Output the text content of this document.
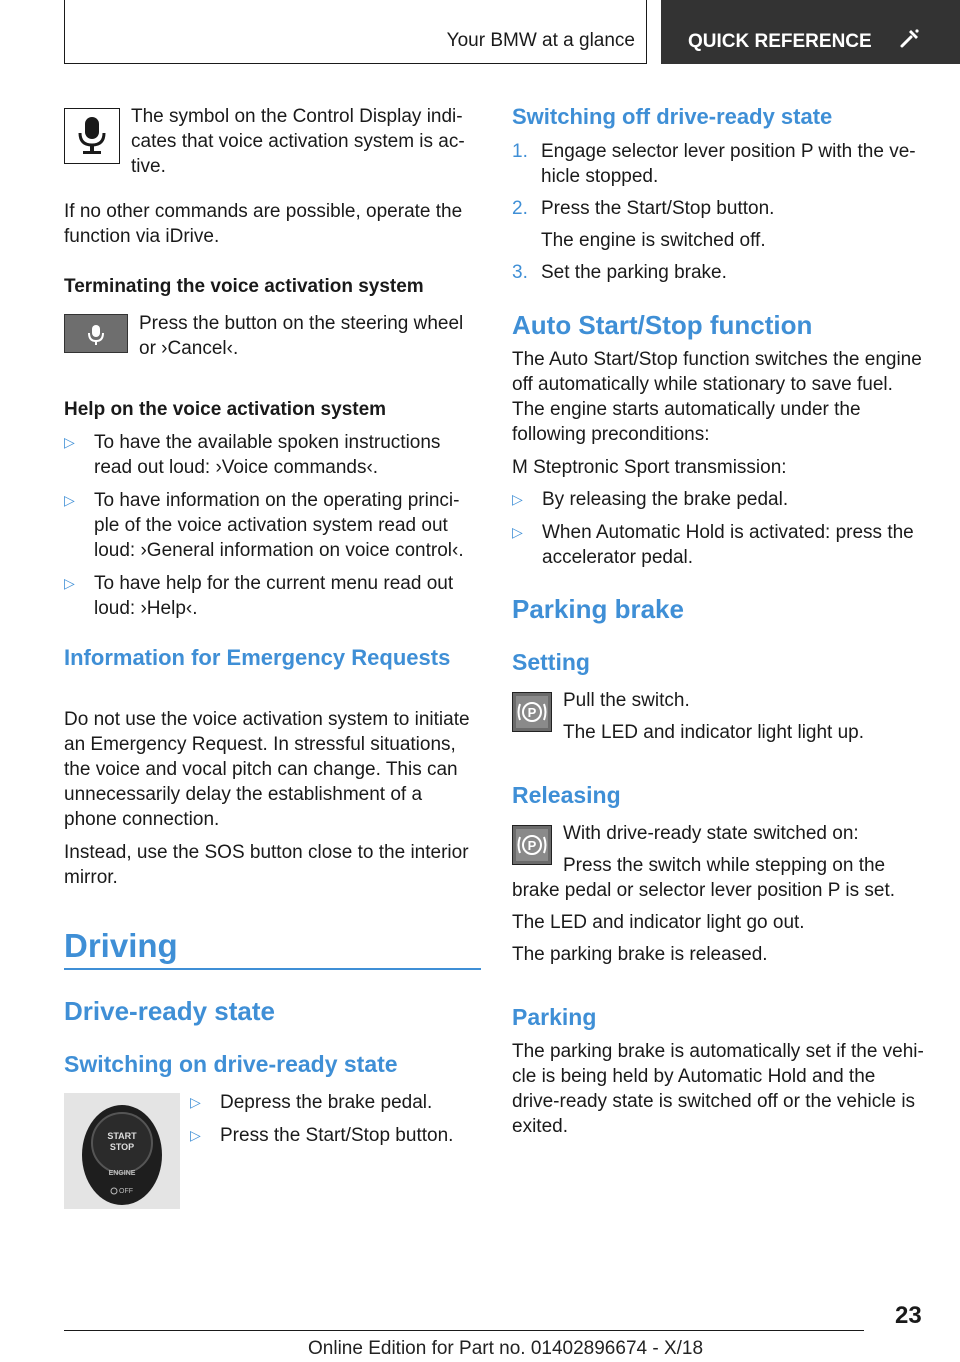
Your BMW at a glance	QUICK REFERENCE

The symbol on the Control Display indicates that voice activation system is active.

If no other commands are possible, operate the function via iDrive.

Terminating the voice activation system

Press the button on the steering wheel or ›Cancel‹.

Help on the voice activation system

▷ To have the available spoken instructions read out loud: ›Voice commands‹.
▷ To have information on the operating principle of the voice activation system read out loud: ›General information on voice control‹.
▷ To have help for the current menu read out loud: ›Help‹.
Information for Emergency Requests

Do not use the voice activation system to initiate an Emergency Request. In stressful situations, the voice and vocal pitch can change. This can unnecessarily delay the establishment of a phone connection.

Instead, use the SOS button close to the interior mirror.

Driving
Drive-ready state
Switching on drive-ready state
START
STOP
ENGINE
OFF
▷ Depress the brake pedal.
▷ Press the Start/Stop button.
Switching off drive-ready state
1. Engage selector lever position P with the vehicle stopped.
2. Press the Start/Stop button.
The engine is switched off.
3. Set the parking brake.
Auto Start/Stop function

The Auto Start/Stop function switches the engine off automatically while stationary to save fuel. The engine starts automatically under the following preconditions:

M Steptronic Sport transmission:

▷ By releasing the brake pedal.
▷ When Automatic Hold is activated: press the accelerator pedal.
Parking brake
Setting
P

Pull the switch.

The LED and indicator light light up.

Releasing
P

With drive-ready state switched on:

Press the switch while stepping on the

brake pedal or selector lever position P is set.

The LED and indicator light go out.

The parking brake is released.

Parking

The parking brake is automatically set if the vehicle is being held by Automatic Hold and the drive-ready state is switched off or the vehicle is exited.

23
Online Edition for Part no. 01402896674 - X/18
